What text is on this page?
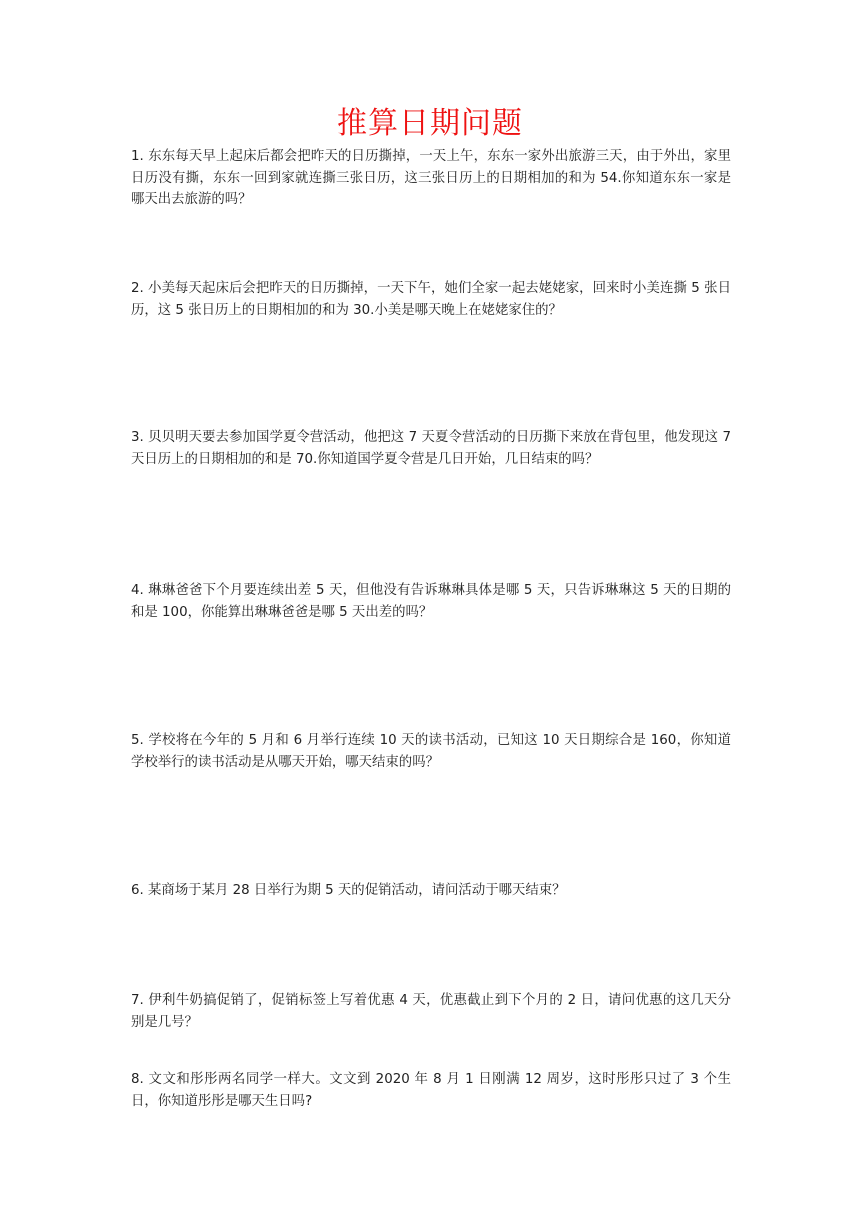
推算日期问题
1. 东东每天早上起床后都会把昨天的日历撕掉，一天上午，东东一家外出旅游三天，由于外出，家里日历没有撕，东东一回到家就连撕三张日历，这三张日历上的日期相加的和为 54.你知道东东一家是哪天出去旅游的吗？
2. 小美每天起床后会把昨天的日历撕掉，一天下午，她们全家一起去姥姥家，回来时小美连撕 5 张日历，这 5 张日历上的日期相加的和为 30.小美是哪天晚上在姥姥家住的？
3. 贝贝明天要去参加国学夏令营活动，他把这 7 天夏令营活动的日历撕下来放在背包里，他发现这 7 天日历上的日期相加的和是 70.你知道国学夏令营是几日开始，几日结束的吗？
4. 琳琳爸爸下个月要连续出差 5 天，但他没有告诉琳琳具体是哪 5 天，只告诉琳琳这 5 天的日期的和是 100，你能算出琳琳爸爸是哪 5 天出差的吗？
5. 学校将在今年的 5 月和 6 月举行连续 10 天的读书活动，已知这 10 天日期综合是 160，你知道学校举行的读书活动是从哪天开始，哪天结束的吗？
6. 某商场于某月 28 日举行为期 5 天的促销活动，请问活动于哪天结束？
7. 伊利牛奶搞促销了，促销标签上写着优惠 4 天，优惠截止到下个月的 2 日，请问优惠的这几天分别是几号？
8. 文文和彤彤两名同学一样大。文文到 2020 年 8 月 1 日刚满 12 周岁，这时彤彤只过了 3 个生日，你知道彤彤是哪天生日吗?
